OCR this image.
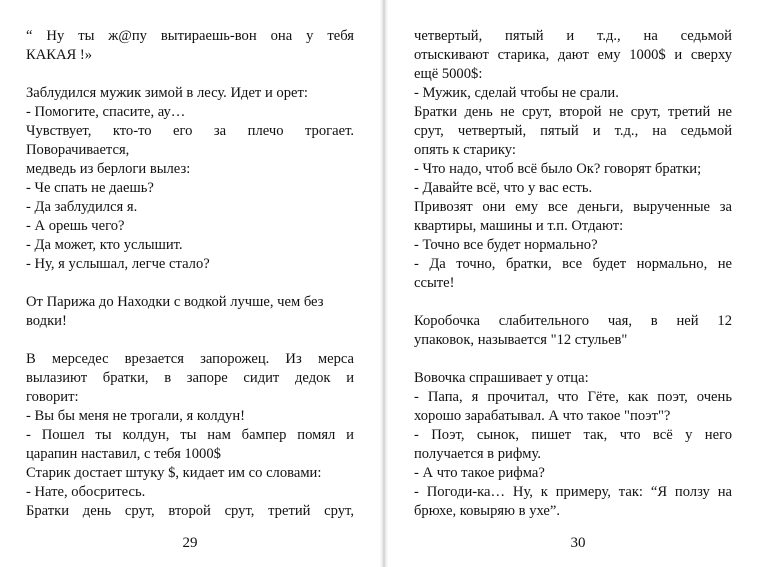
“ Ну ты ж@пу вытираешь-вон она у тебя
КАКАЯ !»
Заблудился мужик зимой в лесу. Идет и орет:
- Помогите, спасите, ау…
Чувствует, кто-то его за плечо трогает.
Поворачивается,
медведь из берлоги вылез:
- Че спать не даешь?
- Да заблудился я.
- А орешь чего?
- Да может, кто услышит.
- Ну, я услышал, легче стало?
От Парижа до Находки с водкой лучше, чем без
водки!
В мерседес врезается запорожец. Из мерса
вылазиют братки, в запоре сидит дедок и
говорит:
- Вы бы меня не трогали, я колдун!
- Пошел ты колдун, ты нам бампер помял и
царапин наставил, с тебя 1000$
Старик достает штуку $, кидает им со словами:
- Нате, обосритесь.
Братки день срут, второй срут, третий срут,
29
четвертый, пятый и т.д., на седьмой
отыскивают старика, дают ему 1000$ и сверху
ещё 5000$:
- Мужик, сделай чтобы не срали.
Братки день не срут, второй не срут, третий не
срут, четвертый, пятый и т.д., на седьмой
опять к старику:
- Что надо, чтоб всё было Ок? говорят братки;
- Давайте всё, что у вас есть.
Привозят они ему все деньги, вырученные за
квартиры, машины и т.п. Отдают:
- Точно все будет нормально?
- Да точно, братки, все будет нормально, не
ссыте!
Коробочка слабительного чая, в ней 12
упаковок, называется "12 стульев"
Вовочка спрашивает у отца:
- Папа, я прочитал, что Гёте, как поэт, очень
хорошо зарабатывал. А что такое "поэт"?
- Поэт, сынок, пишет так, что всё у него
получается в рифму.
- А что такое рифма?
- Погоди-ка… Ну, к примеру, так: “Я ползу на
брюхе, ковыряю в ухе”.
30
